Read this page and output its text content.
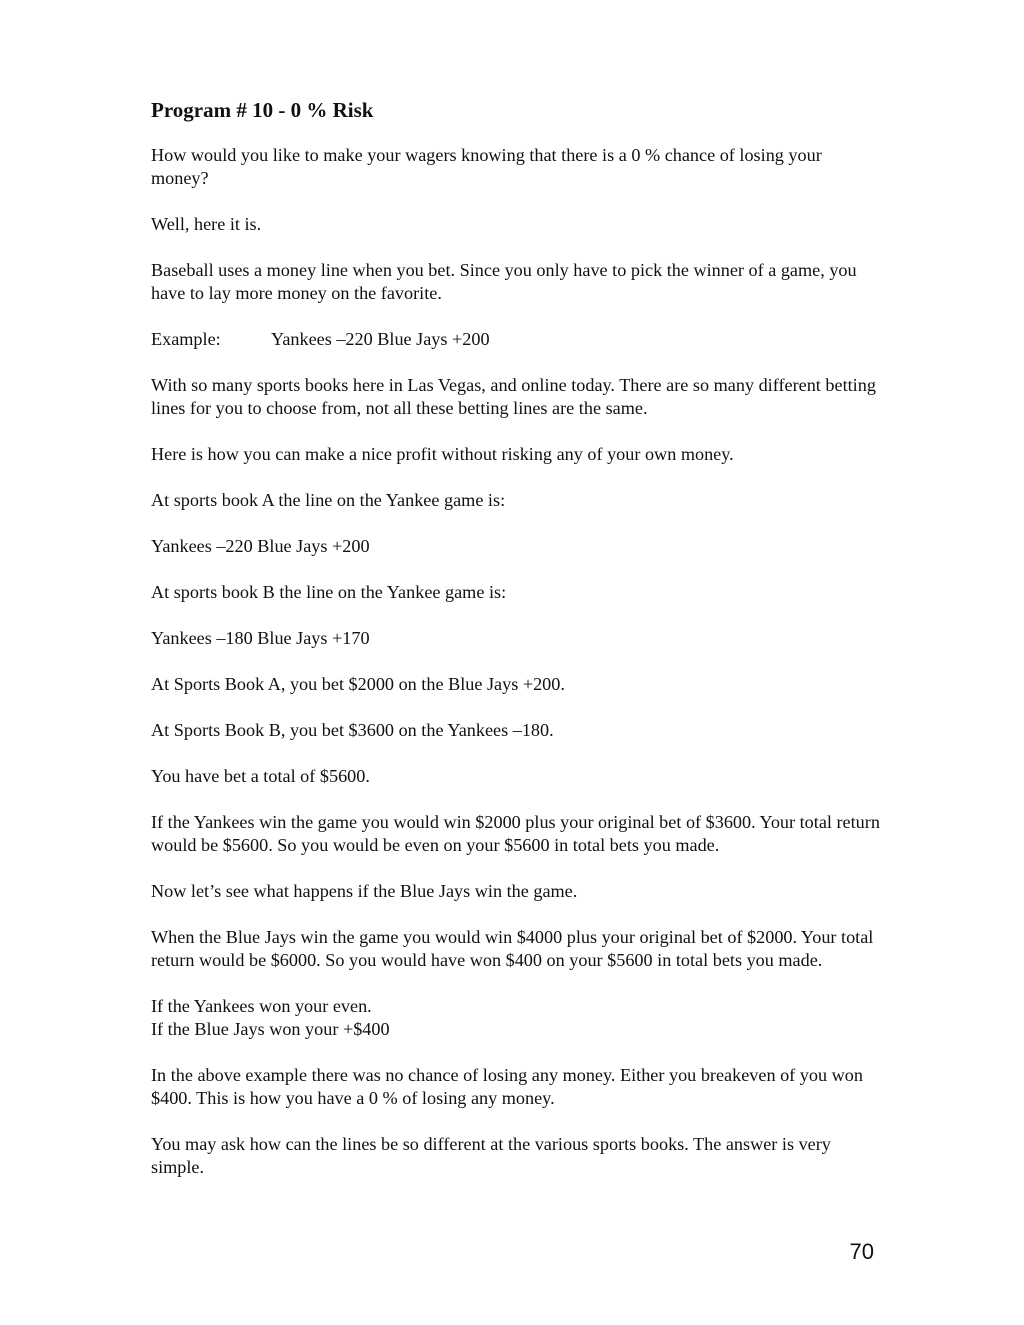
Program # 10 - 0 % Risk

How would you like to make your wagers knowing that there is a 0 % chance of losing your money?

Well, here it is.

Baseball uses a money line when you bet. Since you only have to pick the winner of a game, you have to lay more money on the favorite.

Example:	Yankees –220 Blue Jays +200

With so many sports books here in Las Vegas, and online today. There are so many different betting lines for you to choose from, not all these betting lines are the same.

Here is how you can make a nice profit without risking any of your own money.

At sports book A the line on the Yankee game is:

Yankees –220 Blue Jays +200

At sports book B the line on the Yankee game is:

Yankees –180 Blue Jays +170

At Sports Book A, you bet $2000 on the Blue Jays +200.

At Sports Book B, you bet $3600 on the Yankees –180.

You have bet a total of $5600.

If the Yankees win the game you would win $2000 plus your original bet of $3600. Your total return would be $5600. So you would be even on your $5600 in total bets you made.

Now let’s see what happens if the Blue Jays win the game.

When the Blue Jays win the game you would win $4000 plus your original bet of $2000. Your total return would be $6000. So you would have won $400 on your $5600 in total bets you made.

If the Yankees won your even.
If the Blue Jays won your +$400

In the above example there was no chance of losing any money. Either you breakeven of you won $400. This is how you have a 0 % of losing any money.

You may ask how can the lines be so different at the various sports books. The answer is very simple.

70
